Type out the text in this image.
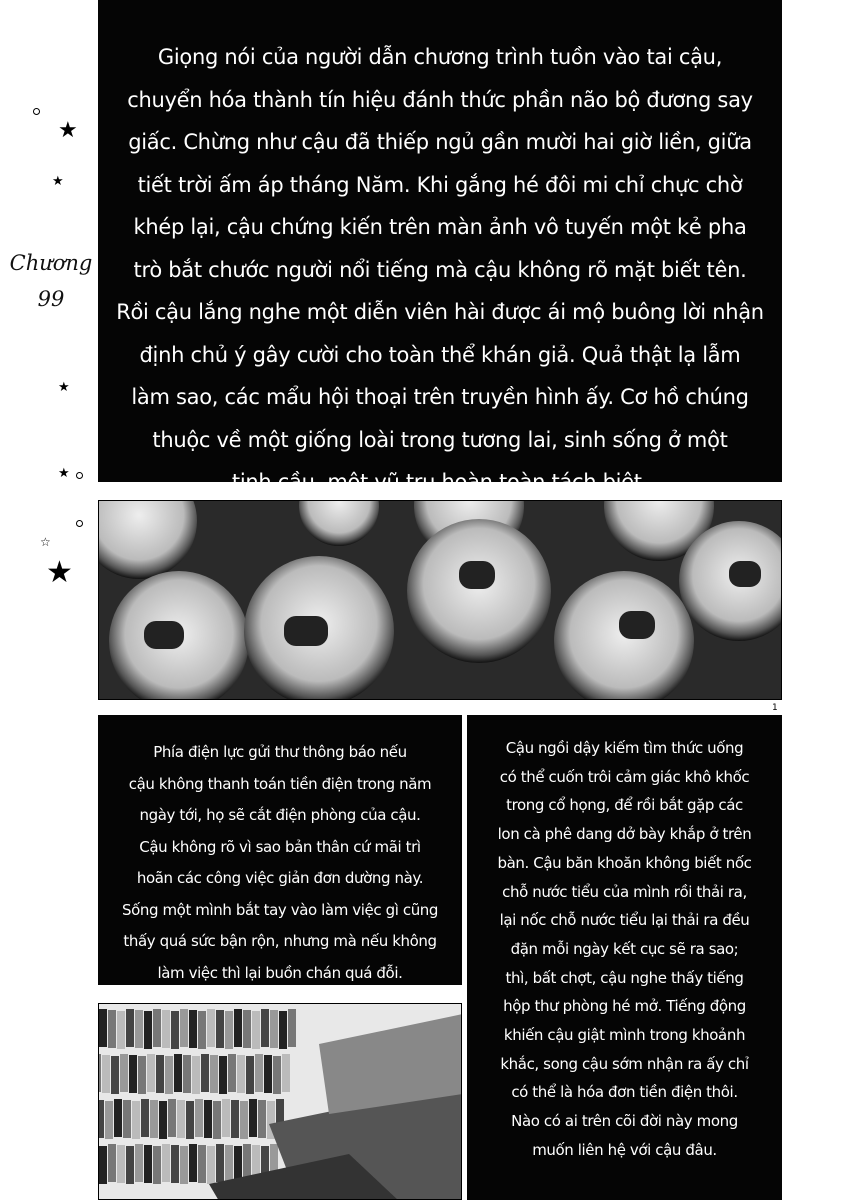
Chương
99
★
★
★
★
☆
★

Giọng nói của người dẫn chương trình tuồn vào tai cậu,

chuyển hóa thành tín hiệu đánh thức phần não bộ đương say

giấc. Chừng như cậu đã thiếp ngủ gần mười hai giờ liền, giữa

tiết trời ấm áp tháng Năm. Khi gắng hé đôi mi chỉ chực chờ

khép lại, cậu chứng kiến trên màn ảnh vô tuyến một kẻ pha

trò bắt chước người nổi tiếng mà cậu không rõ mặt biết tên.

Rồi cậu lắng nghe một diễn viên hài được ái mộ buông lời nhận

định chủ ý gây cười cho toàn thể khán giả. Quả thật lạ lẫm

làm sao, các mẩu hội thoại trên truyền hình ấy. Cơ hồ chúng

thuộc về một giống loài trong tương lai, sinh sống ở một

tinh cầu, một vũ trụ hoàn toàn tách biệt.

1

Phía điện lực gửi thư thông báo nếu

cậu không thanh toán tiền điện trong năm

ngày tới, họ sẽ cắt điện phòng của cậu.

Cậu không rõ vì sao bản thân cứ mãi trì

hoãn các công việc giản đơn dường này.

Sống một mình bắt tay vào làm việc gì cũng

thấy quá sức bận rộn, nhưng mà nếu không

làm việc thì lại buồn chán quá đỗi.

Cậu ngồi dậy kiếm tìm thức uống

có thể cuốn trôi cảm giác khô khốc

trong cổ họng, để rồi bắt gặp các

lon cà phê dang dở bày khắp ở trên

bàn. Cậu băn khoăn không biết nốc

chỗ nước tiểu của mình rồi thải ra,

lại nốc chỗ nước tiểu lại thải ra đều

đặn mỗi ngày kết cục sẽ ra sao;

thì, bất chợt, cậu nghe thấy tiếng

hộp thư phòng hé mở. Tiếng động

khiến cậu giật mình trong khoảnh

khắc, song cậu sớm nhận ra ấy chỉ

có thể là hóa đơn tiền điện thôi.

Nào có ai trên cõi đời này mong

muốn liên hệ với cậu đâu.
